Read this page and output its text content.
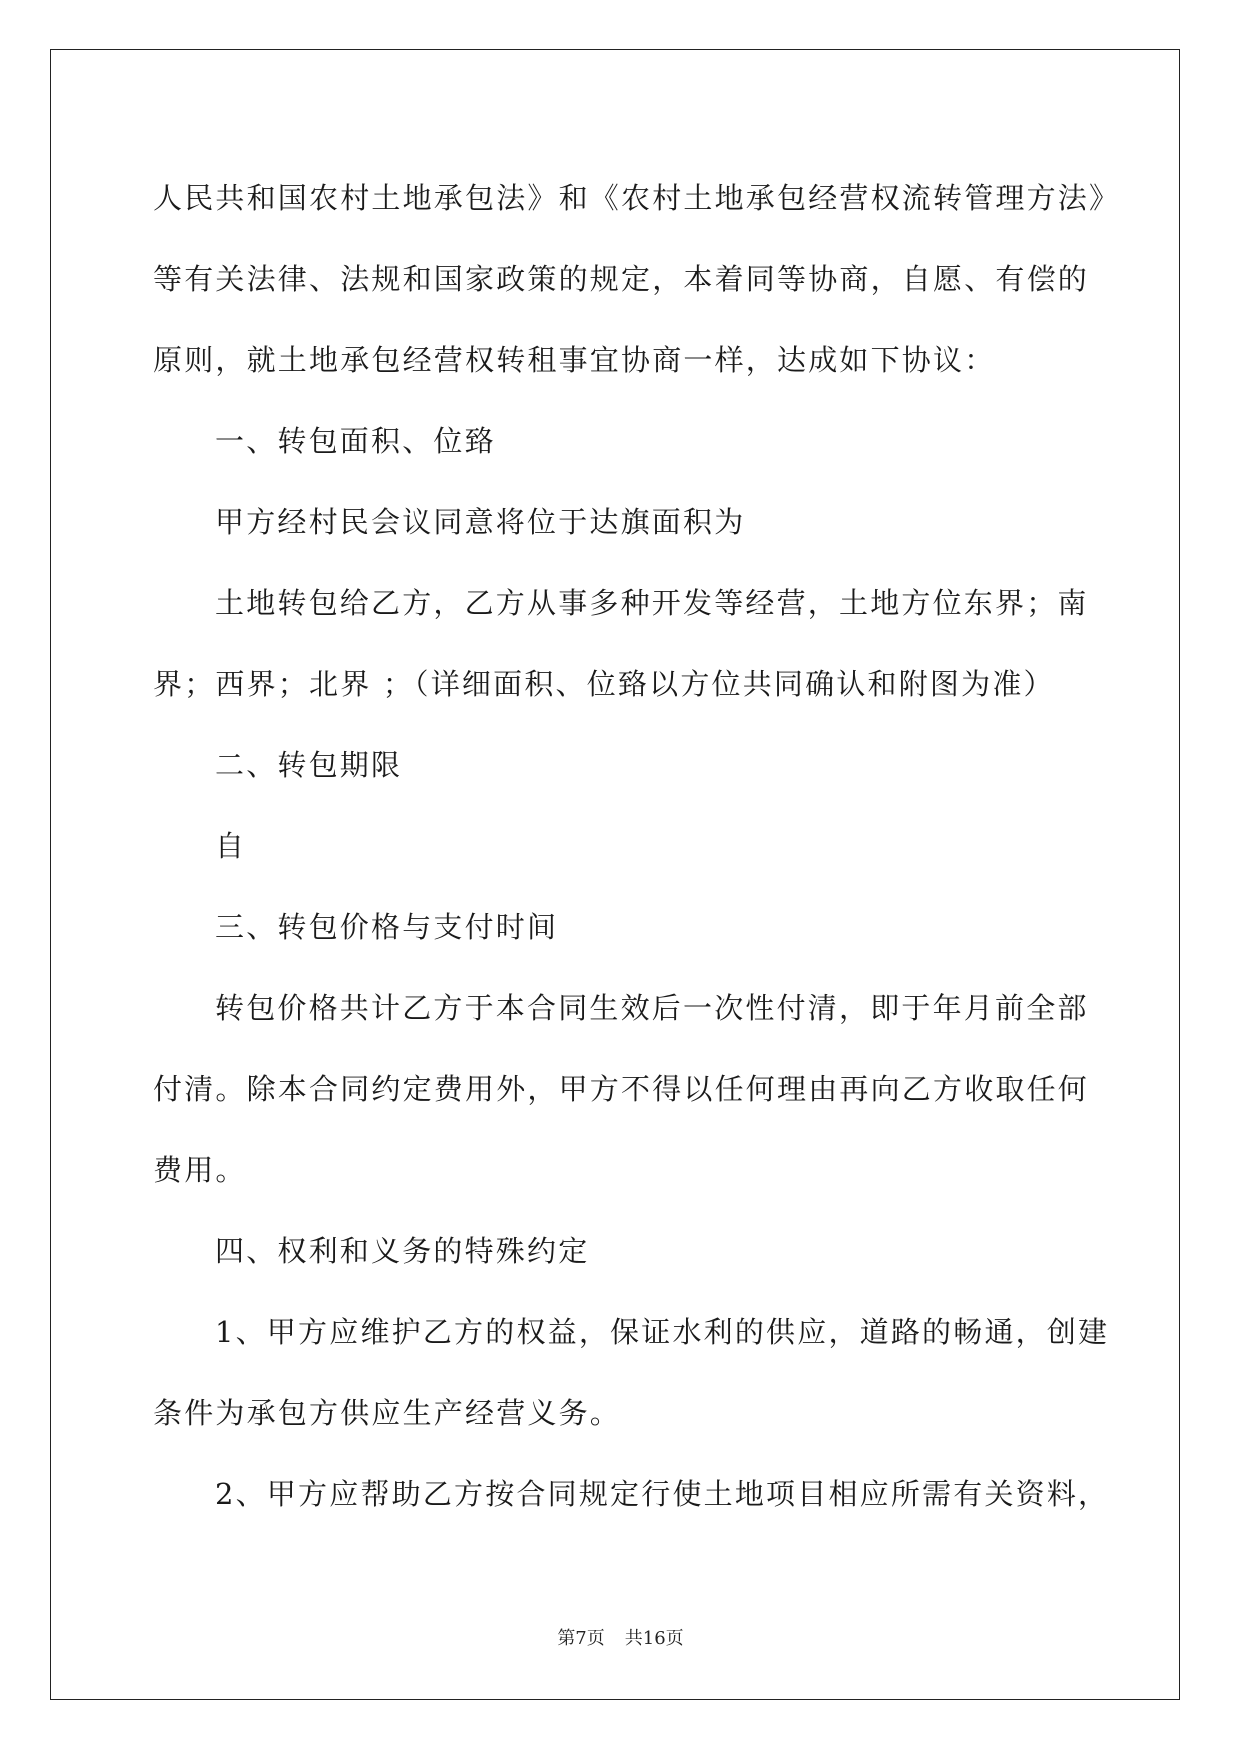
人民共和国农村土地承包法》和《农村土地承包经营权流转管理方法》
等有关法律、法规和国家政策的规定，本着同等协商，自愿、有偿的
原则，就土地承包经营权转租事宜协商一样，达成如下协议：
一、转包面积、位臵
甲方经村民会议同意将位于达旗面积为
土地转包给乙方，乙方从事多种开发等经营，土地方位东界；南
界；西界；北界 ；（详细面积、位臵以方位共同确认和附图为准）
二、转包期限
自
三、转包价格与支付时间
转包价格共计乙方于本合同生效后一次性付清，即于年月前全部
付清。除本合同约定费用外，甲方不得以任何理由再向乙方收取任何
费用。
四、权利和义务的特殊约定
1、甲方应维护乙方的权益，保证水利的供应，道路的畅通，创建
条件为承包方供应生产经营义务。
2、甲方应帮助乙方按合同规定行使土地项目相应所需有关资料，
第7页 共16页
